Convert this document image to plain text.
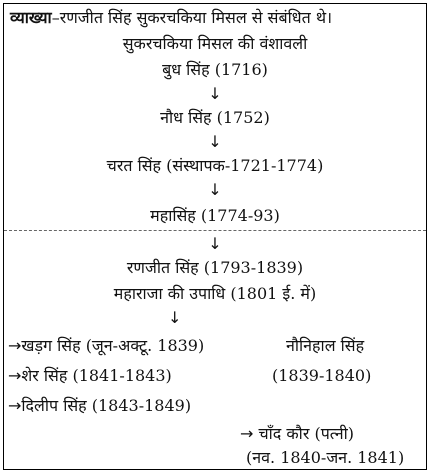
व्याख्या–रणजीत सिंह सुकरचकिया मिसल से संबंधित थे।
सुकरचकिया मिसल की वंशावली
बुध सिंह (1716)
↓
नौध सिंह (1752)
↓
चरत सिंह (संस्थापक-1721-1774)
↓
महासिंह (1774-93)
↓
रणजीत सिंह (1793-1839)
महाराजा की उपाधि (1801 ई. में)
↓
→खड़ग सिंह (जून-अक्टू. 1839)
→शेर सिंह (1841-1843)
→दिलीप सिंह (1843-1849)
नौनिहाल सिंह
(1839-1840)
→ चाँद कौर (पत्नी)
(नव. 1840-जन. 1841)
